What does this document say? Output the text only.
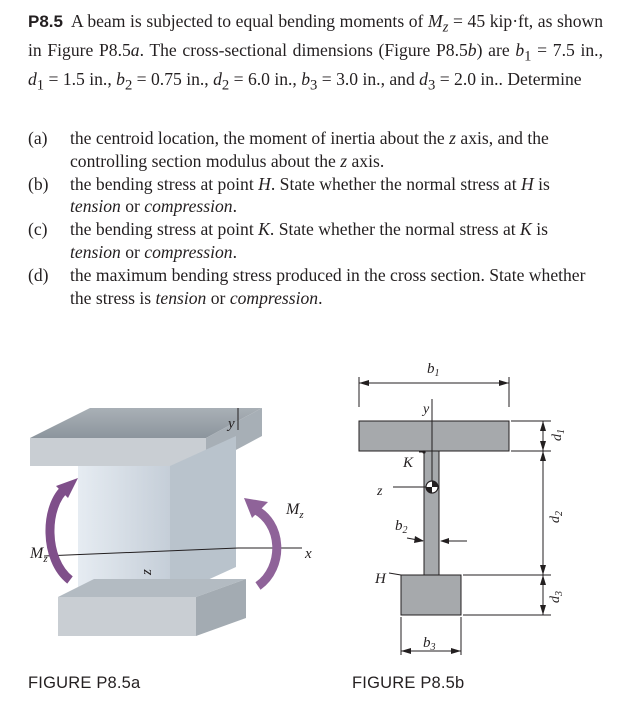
P8.5 A beam is subjected to equal bending moments of $M_z = 45$ kip·ft, as shown in Figure P8.5a. The cross-sectional dimensions (Figure P8.5b) are $b_1 = 7.5$ in., $d_1 = 1.5$ in., $b_2 = 0.75$ in., $d_2 = 6.0$ in., $b_3 = 3.0$ in., and $d_3 = 2.0$ in.. Determine

(a) the centroid location, the moment of inertia about the z axis, and the controlling section modulus about the z axis.
(b) the bending stress at point H. State whether the normal stress at H is tension or compression.
(c) the bending stress at point K. State whether the normal stress at K is tension or compression.
(d) the maximum bending stress produced in the cross section. State whether the stress is tension or compression.
y
z
x
$M_z$
$M_z$
FIGURE P8.5a
$b_1$
y
z
K
H
$b_2$
$b_3$
$d_1$
$d_2$
$d_3$
FIGURE P8.5b
